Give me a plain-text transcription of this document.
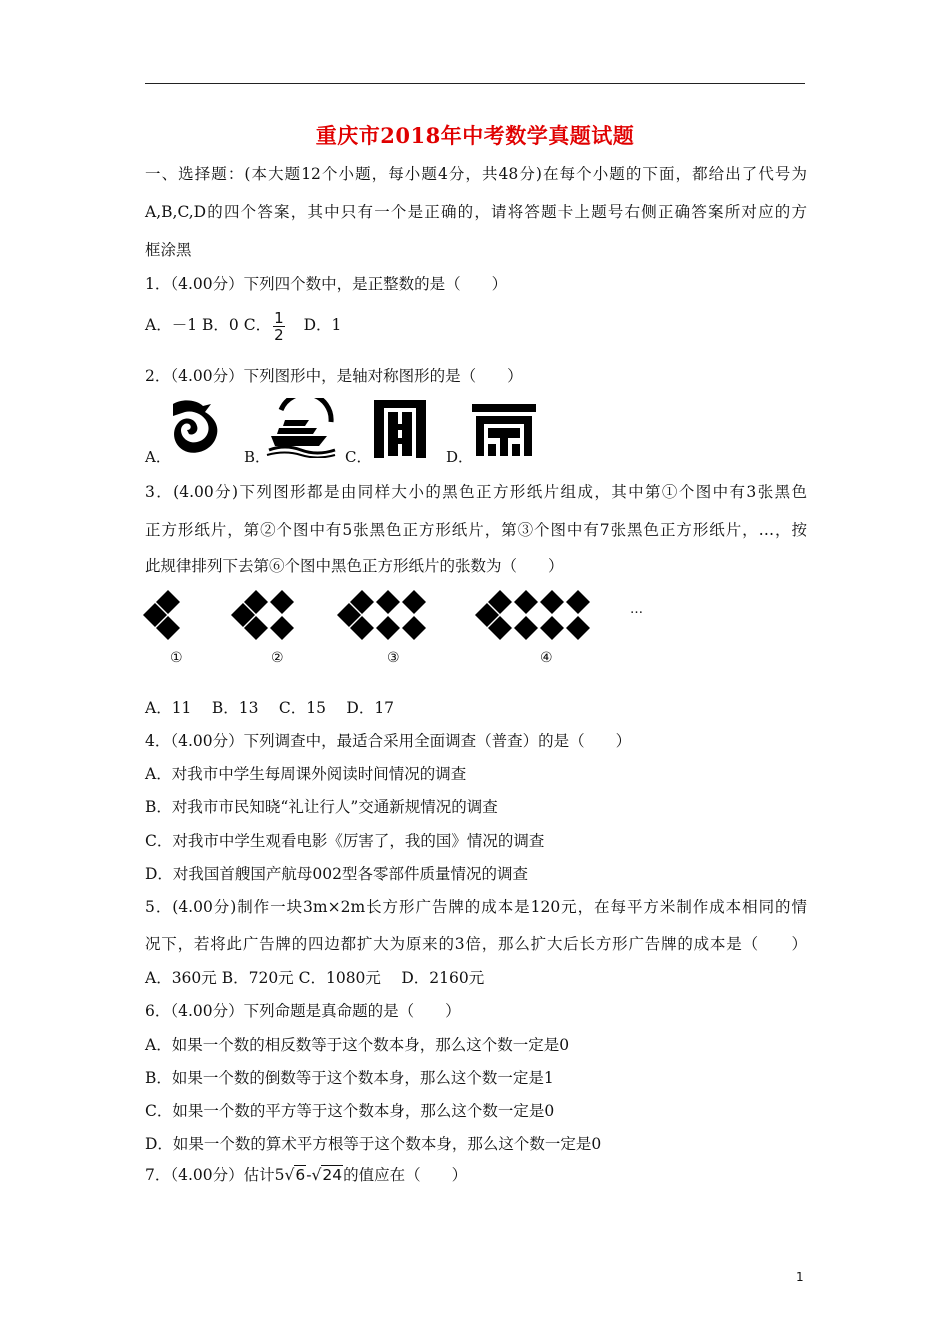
重庆市2018年中考数学真题试题
一、选择题：(本大题12个小题，每小题4分，共48分)在每个小题的下面，都给出了代号为
A,B,C,D的四个答案，其中只有一个是正确的，请将答题卡上题号右侧正确答案所对应的方
框涂黑
1．（4.00分）下列四个数中，是正整数的是（　　）
A．－1 B．0 C． $\frac{1}{2}$ D．1
2．（4.00分）下列图形中，是轴对称图形的是（　　）
A．	B．	C．	D．
3．(4.00分)下列图形都是由同样大小的黑色正方形纸片组成，其中第①个图中有3张黑色
正方形纸片，第②个图中有5张黑色正方形纸片，第③个图中有7张黑色正方形纸片，…，按
此规律排列下去第⑥个图中黑色正方形纸片的张数为（　　）
…
①	②	③	④
A．11　 B．13　 C．15　 D．17
4．（4.00分）下列调查中，最适合采用全面调查（普查）的是（　　）
A．对我市中学生每周课外阅读时间情况的调查
B．对我市市民知晓“礼让行人”交通新规情况的调查
C．对我市中学生观看电影《厉害了，我的国》情况的调查
D．对我国首艘国产航母002型各零部件质量情况的调查
5．(4.00分)制作一块3m×2m长方形广告牌的成本是120元，在每平方米制作成本相同的情
况下，若将此广告牌的四边都扩大为原来的3倍，那么扩大后长方形广告牌的成本是（　　）
A．360元 B．720元 C．1080元　 D．2160元
6．（4.00分）下列命题是真命题的是（　　）
A．如果一个数的相反数等于这个数本身，那么这个数一定是0
B．如果一个数的倒数等于这个数本身，那么这个数一定是1
C．如果一个数的平方等于这个数本身，那么这个数一定是0
D．如果一个数的算术平方根等于这个数本身，那么这个数一定是0
7．（4.00分）估计5√6-√24的值应在（　　）
1
